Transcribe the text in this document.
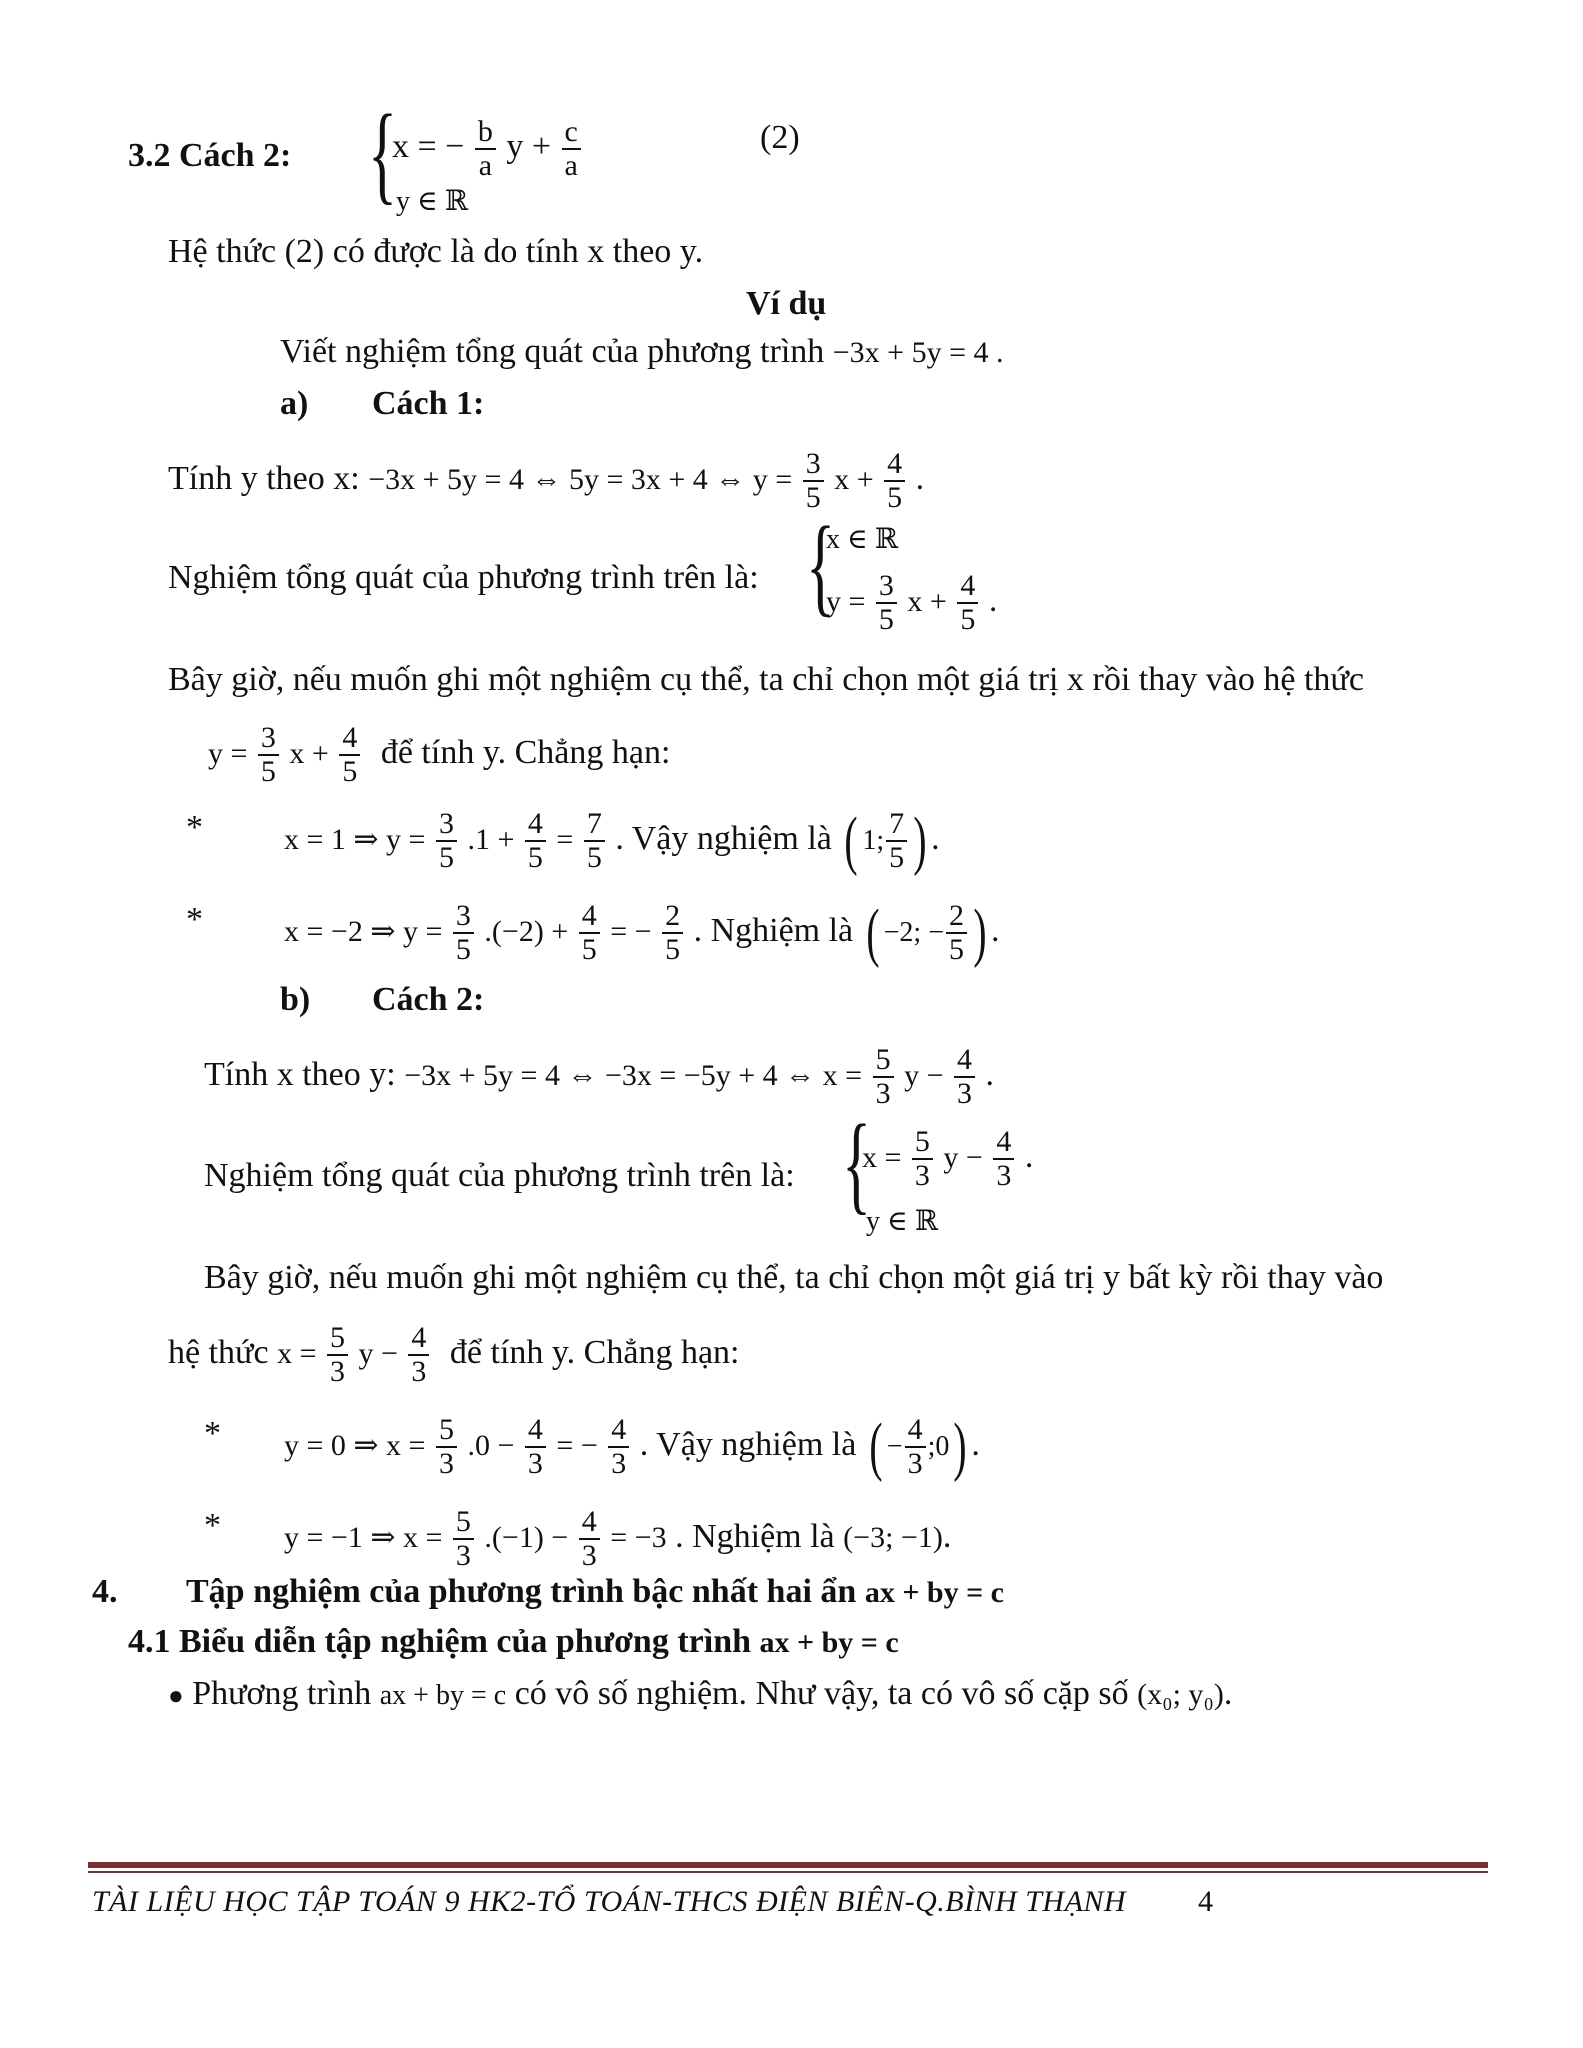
3.2 Cách 2: {
x = − $\frac{b}{a}$ $y + \frac{c}{a}$
y ∈ ℝ
(2)
Hệ thức (2) có được là do tính x theo y.
Ví dụ
Viết nghiệm tổng quát của phương trình −3x + 5y = 4 .
a) Cách 1:
Tính y theo x: −3x + 5y = 4 ⇔ 5y = 3x + 4 ⇔ $y = \frac{3}{5}$ $x + \frac{4}{5}$ .
Nghiệm tổng quát của phương trình trên là: {
x ∈ ℝ
$y = \frac{3}{5}$ $x + \frac{4}{5}$ .
Bây giờ, nếu muốn ghi một nghiệm cụ thể, ta chỉ chọn một giá trị x rồi thay vào hệ thức
$y = \frac{3}{5}$ $x + \frac{4}{5}$ để tính y. Chẳng hạn:
*	x = 1 ⇒ $y = \frac{3}{5} .1 + \frac{4}{5} = \frac{7}{5}$ . Vậy nghiệm là ( 1; $\frac{7}{5}$ ) .
*	x = −2 ⇒ $y = \frac{3}{5} .(-2) + \frac{4}{5}$ = − $\frac{2}{5}$ . Nghiệm là ( −2; − $\frac{2}{5}$ ) .
b) Cách 2:
Tính x theo y: −3x + 5y = 4 ⇔ −3x = −5y + 4 ⇔ $x = \frac{5}{3}$ $y - \frac{4}{3}$ .
Nghiệm tổng quát của phương trình trên là: {
$x = \frac{5}{3}$ $y - \frac{4}{3}$ .
y ∈ ℝ
Bây giờ, nếu muốn ghi một nghiệm cụ thể, ta chỉ chọn một giá trị y bất kỳ rồi thay vào
hệ thức $x = \frac{5}{3}$ $y - \frac{4}{3}$ để tính y. Chẳng hạn:
* y = 0 ⇒ $x = \frac{5}{3} .0 - \frac{4}{3}$ = − $\frac{4}{3}$ . Vậy nghiệm là ( − $\frac{4}{3}$ ;0) .
* y = −1 ⇒ $x = \frac{5}{3} .(-1) - \frac{4}{3} = -3$ . Nghiệm là (−3; −1).
4. Tập nghiệm của phương trình bậc nhất hai ẩn ax + by = c
4.1 Biểu diễn tập nghiệm của phương trình ax + by = c
● Phương trình ax + by = c có vô số nghiệm. Như vậy, ta có vô số cặp số (x₀; y₀).
TÀI LIỆU HỌC TẬP TOÁN 9 HK2-TỔ TOÁN-THCS ĐIỆN BIÊN-Q.BÌNH THẠNH 4
